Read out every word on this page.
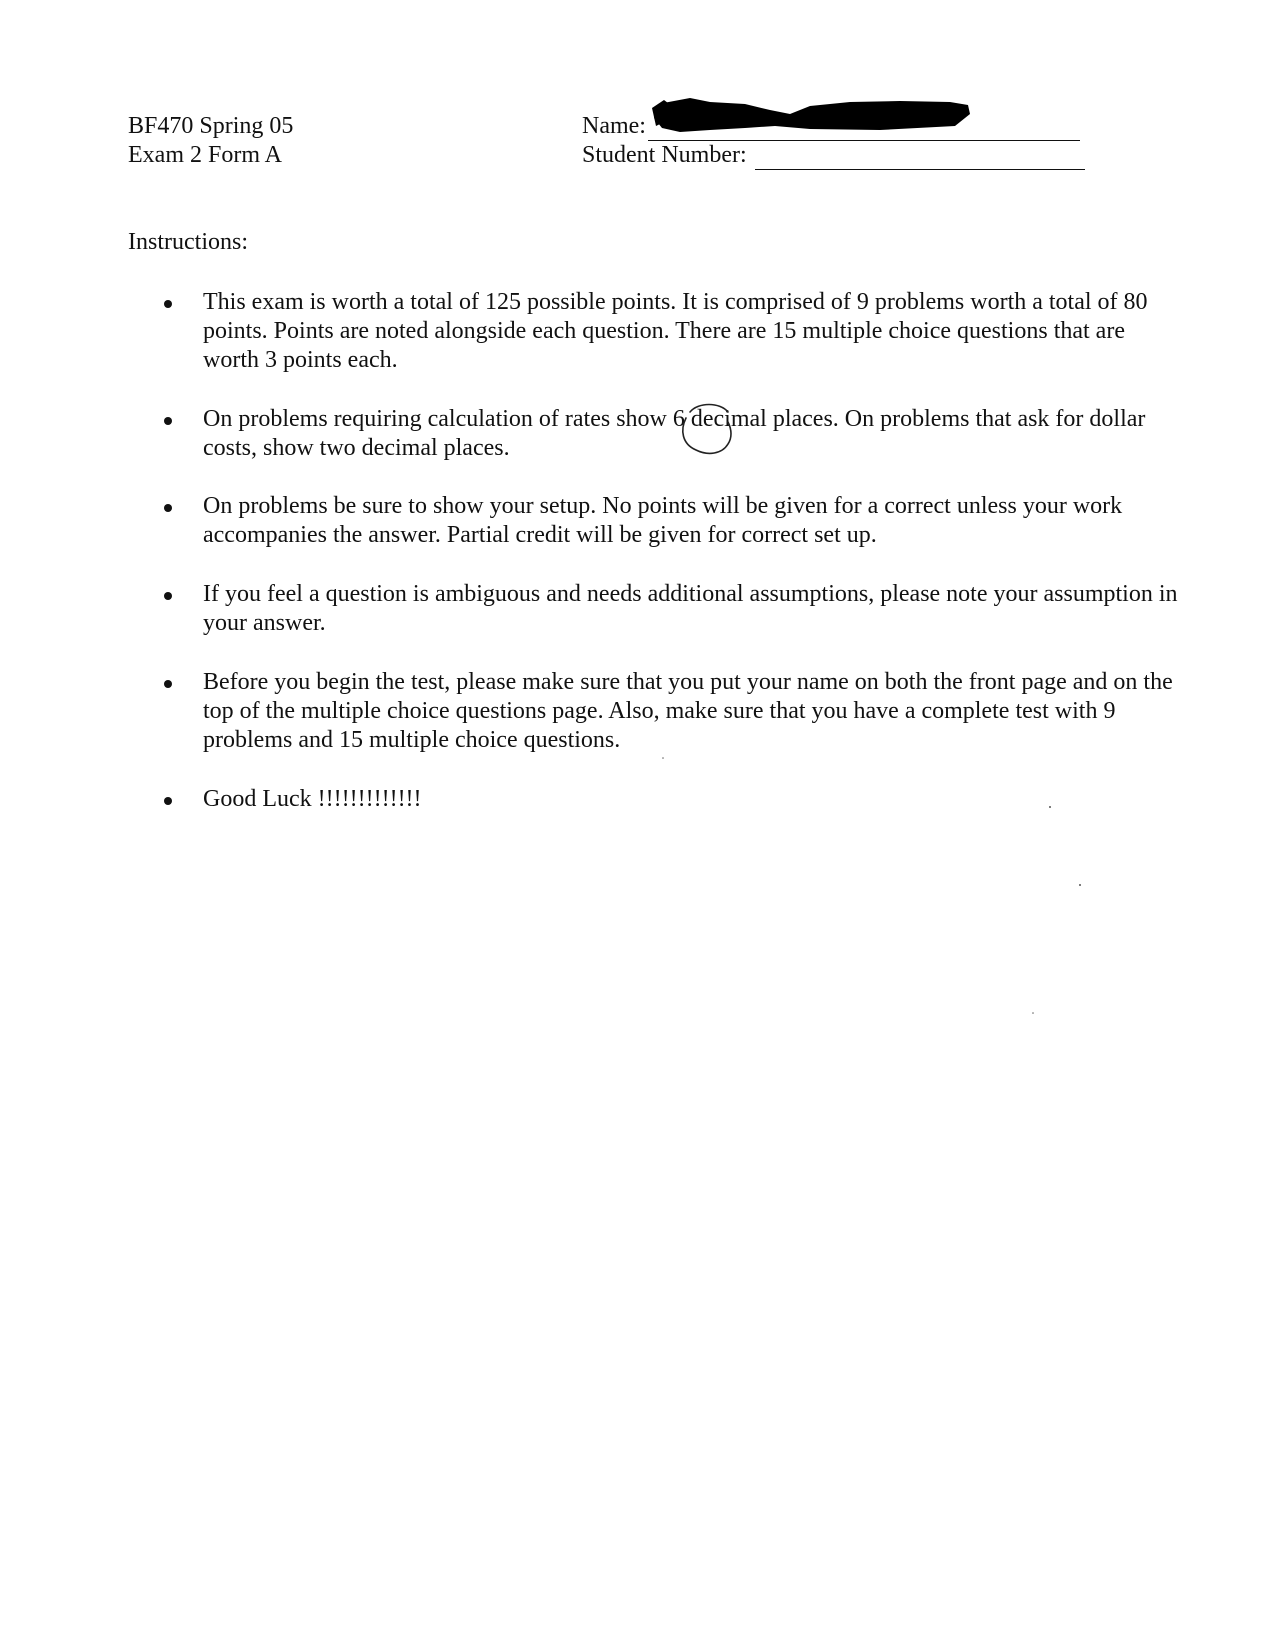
BF470 Spring 05
Exam 2 Form A
Name:
Student Number:
Instructions:
This exam is worth a total of 125 possible points. It is comprised of 9 problems worth a total of 80 points. Points are noted alongside each question. There are 15 multiple choice questions that are worth 3 points each.
On problems requiring calculation of rates show 6 decimal places. On problems that ask for dollar costs, show two decimal places.
On problems be sure to show your setup. No points will be given for a correct unless your work accompanies the answer. Partial credit will be given for correct set up.
If you feel a question is ambiguous and needs additional assumptions, please note your assumption in your answer.
Before you begin the test, please make sure that you put your name on both the front page and on the top of the multiple choice questions page. Also, make sure that you have a complete test with 9 problems and 15 multiple choice questions.
Good Luck !!!!!!!!!!!!!
